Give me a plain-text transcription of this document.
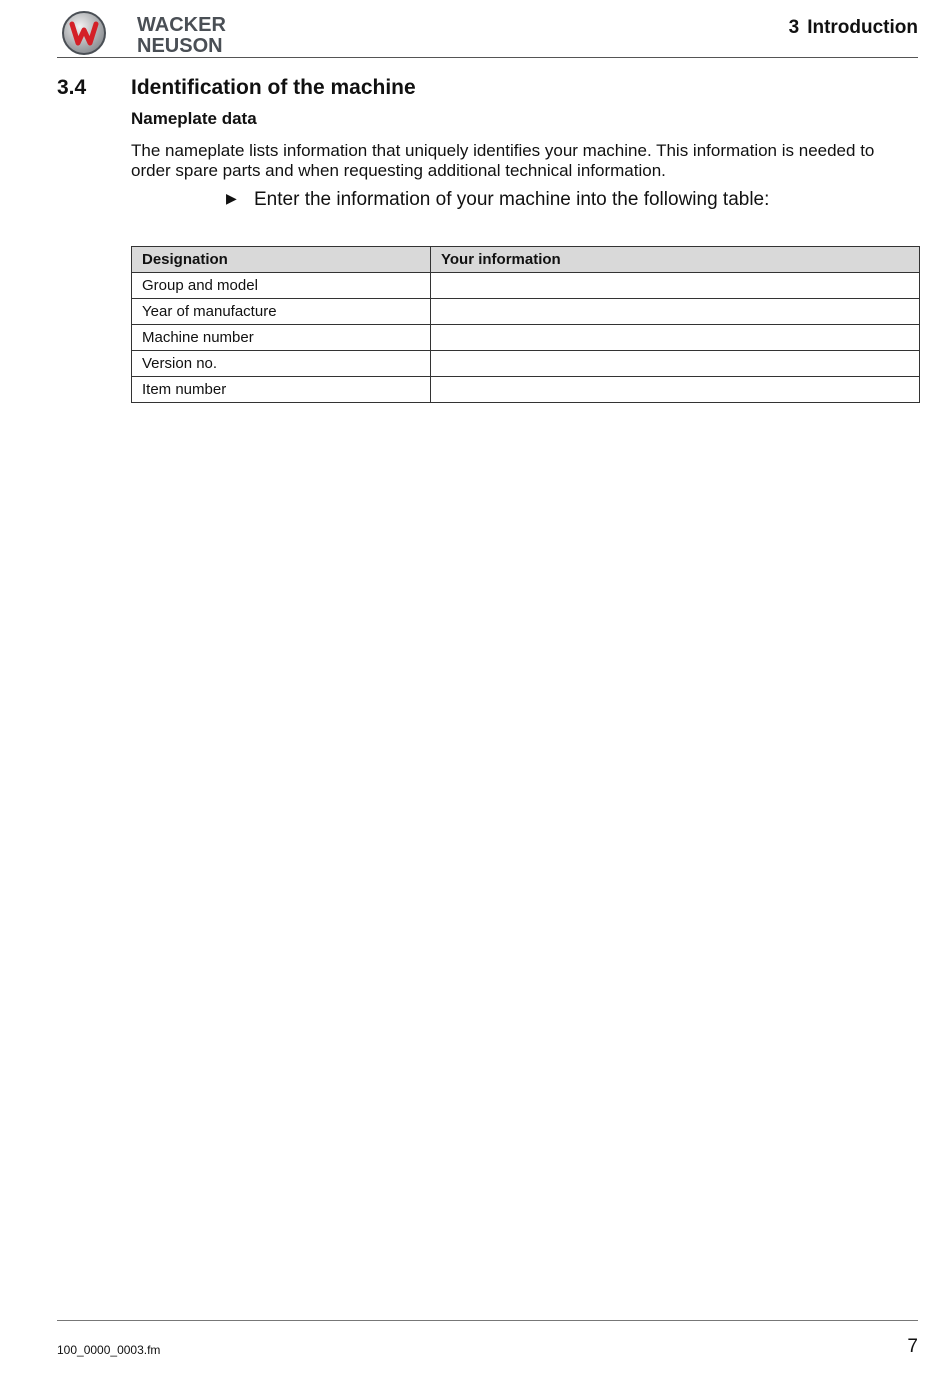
WACKER
NEUSON
3 Introduction
3.4 Identification of the machine
Nameplate data

The nameplate lists information that uniquely identifies your machine. This information is needed to order spare parts and when requesting additional technical information.

▶ Enter the information of your machine into the following table:
Designation	Your information
Group and model	
Year of manufacture	
Machine number	
Version no.	
Item number	
100_0000_0003.fm	7
